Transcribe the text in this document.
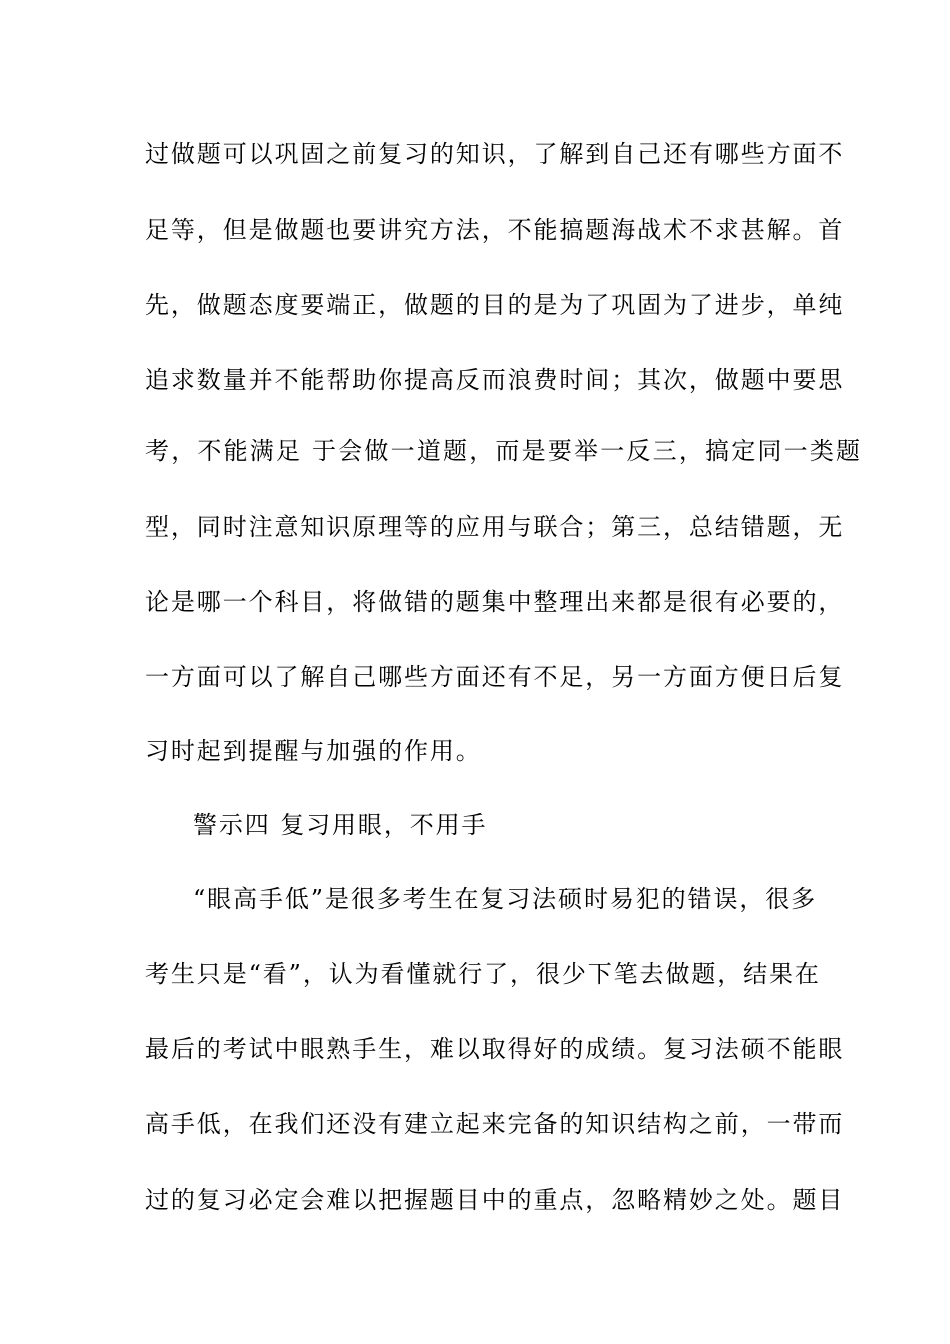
过做题可以巩固之前复习的知识，了解到自己还有哪些方面不
足等，但是做题也要讲究方法，不能搞题海战术不求甚解。首
先，做题态度要端正，做题的目的是为了巩固为了进步，单纯
追求数量并不能帮助你提高反而浪费时间；其次，做题中要思
考，不能满足 于会做一道题，而是要举一反三，搞定同一类题
型，同时注意知识原理等的应用与联合；第三，总结错题，无
论是哪一个科目，将做错的题集中整理出来都是很有必要的，
一方面可以了解自己哪些方面还有不足，另一方面方便日后复
习时起到提醒与加强的作用。
警示四 复习用眼，不用手
“眼高手低”是很多考生在复习法硕时易犯的错误，很多
考生只是“看”，认为看懂就行了，很少下笔去做题，结果在
最后的考试中眼熟手生，难以取得好的成绩。复习法硕不能眼
高手低，在我们还没有建立起来完备的知识结构之前，一带而
过的复习必定会难以把握题目中的重点，忽略精妙之处。题目
